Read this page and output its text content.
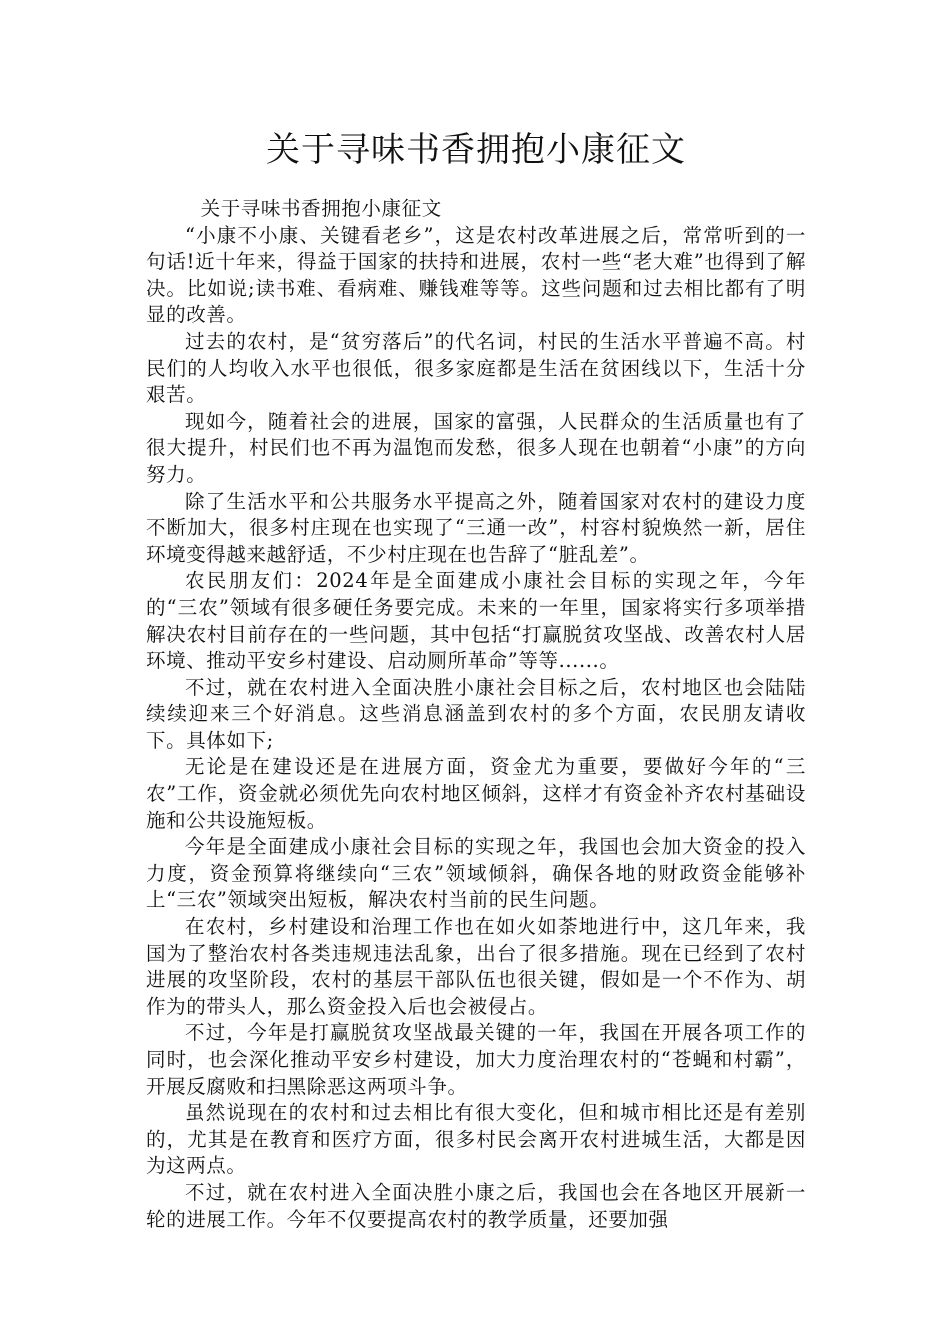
关于寻味书香拥抱小康征文

关于寻味书香拥抱小康征文

“小康不小康、关键看老乡”，这是农村改革进展之后，常常听到的一句话!近十年来，得益于国家的扶持和进展，农村一些“老大难”也得到了解决。比如说;读书难、看病难、赚钱难等等。这些问题和过去相比都有了明显的改善。

过去的农村，是“贫穷落后”的代名词，村民的生活水平普遍不高。村民们的人均收入水平也很低，很多家庭都是生活在贫困线以下，生活十分艰苦。

现如今，随着社会的进展，国家的富强，人民群众的生活质量也有了很大提升，村民们也不再为温饱而发愁，很多人现在也朝着“小康”的方向努力。

除了生活水平和公共服务水平提高之外，随着国家对农村的建设力度不断加大，很多村庄现在也实现了“三通一改”，村容村貌焕然一新，居住环境变得越来越舒适，不少村庄现在也告辞了“脏乱差”。

农民朋友们：2024年是全面建成小康社会目标的实现之年，今年的“三农”领域有很多硬任务要完成。未来的一年里，国家将实行多项举措解决农村目前存在的一些问题，其中包括“打赢脱贫攻坚战、改善农村人居环境、推动平安乡村建设、启动厕所革命”等等......。

不过，就在农村进入全面决胜小康社会目标之后，农村地区也会陆陆续续迎来三个好消息。这些消息涵盖到农村的多个方面，农民朋友请收下。具体如下;

无论是在建设还是在进展方面，资金尤为重要，要做好今年的“三农”工作，资金就必须优先向农村地区倾斜，这样才有资金补齐农村基础设施和公共设施短板。

今年是全面建成小康社会目标的实现之年，我国也会加大资金的投入力度，资金预算将继续向“三农”领域倾斜，确保各地的财政资金能够补上“三农”领域突出短板，解决农村当前的民生问题。

在农村，乡村建设和治理工作也在如火如荼地进行中，这几年来，我国为了整治农村各类违规违法乱象，出台了很多措施。现在已经到了农村进展的攻坚阶段，农村的基层干部队伍也很关键，假如是一个不作为、胡作为的带头人，那么资金投入后也会被侵占。

不过，今年是打赢脱贫攻坚战最关键的一年，我国在开展各项工作的同时，也会深化推动平安乡村建设，加大力度治理农村的“苍蝇和村霸”，开展反腐败和扫黑除恶这两项斗争。

虽然说现在的农村和过去相比有很大变化，但和城市相比还是有差别的，尤其是在教育和医疗方面，很多村民会离开农村进城生活，大都是因为这两点。

不过，就在农村进入全面决胜小康之后，我国也会在各地区开展新一轮的进展工作。今年不仅要提高农村的教学质量，还要加强
